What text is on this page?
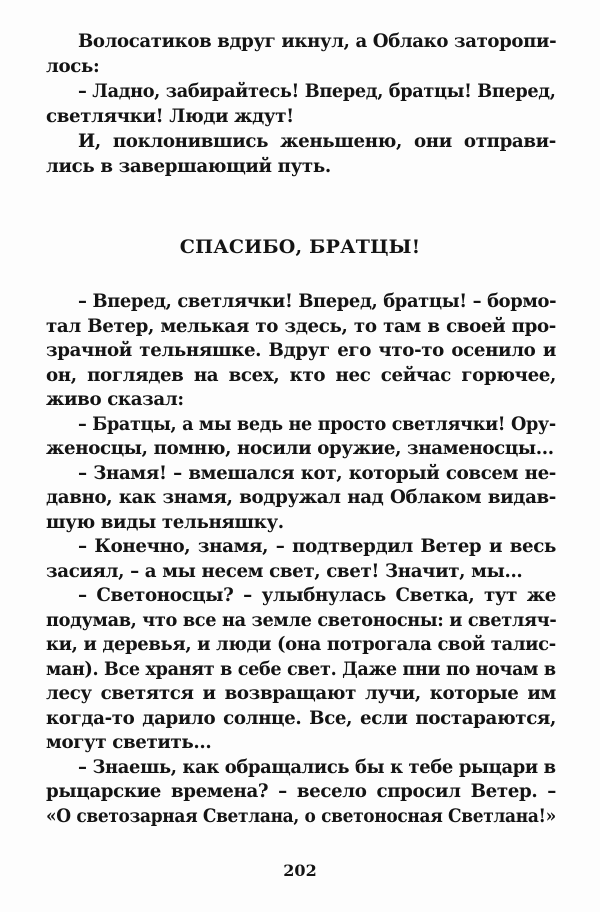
Волосатиков вдруг икнул, а Облако заторопи-
лось:
– Ладно, забирайтесь! Вперед, братцы! Вперед,
светлячки! Люди ждут!
И, поклонившись женьшеню, они отправи-
лись в завершающий путь.
СПАСИБО, БРАТЦЫ!
– Вперед, светлячки! Вперед, братцы! – бормо-
тал Ветер, мелькая то здесь, то там в своей про-
зрачной тельняшке. Вдруг его что-то осенило и
он, поглядев на всех, кто нес сейчас горючее,
живо сказал:
– Братцы, а мы ведь не просто светлячки! Ору-
женосцы, помню, носили оружие, знаменосцы...
– Знамя! – вмешался кот, который совсем не-
давно, как знамя, водружал над Облаком видав-
шую виды тельняшку.
– Конечно, знамя, – подтвердил Ветер и весь
засиял, – а мы несем свет, свет! Значит, мы...
– Светоносцы? – улыбнулась Светка, тут же
подумав, что все на земле светоносны: и светляч-
ки, и деревья, и люди (она потрогала свой талис-
ман). Все хранят в себе свет. Даже пни по ночам в
лесу светятся и возвращают лучи, которые им
когда-то дарило солнце. Все, если постараются,
могут светить...
– Знаешь, как обращались бы к тебе рыцари в
рыцарские времена? – весело спросил Ветер. –
«О светозарная Светлана, о светоносная Светлана!»
202
